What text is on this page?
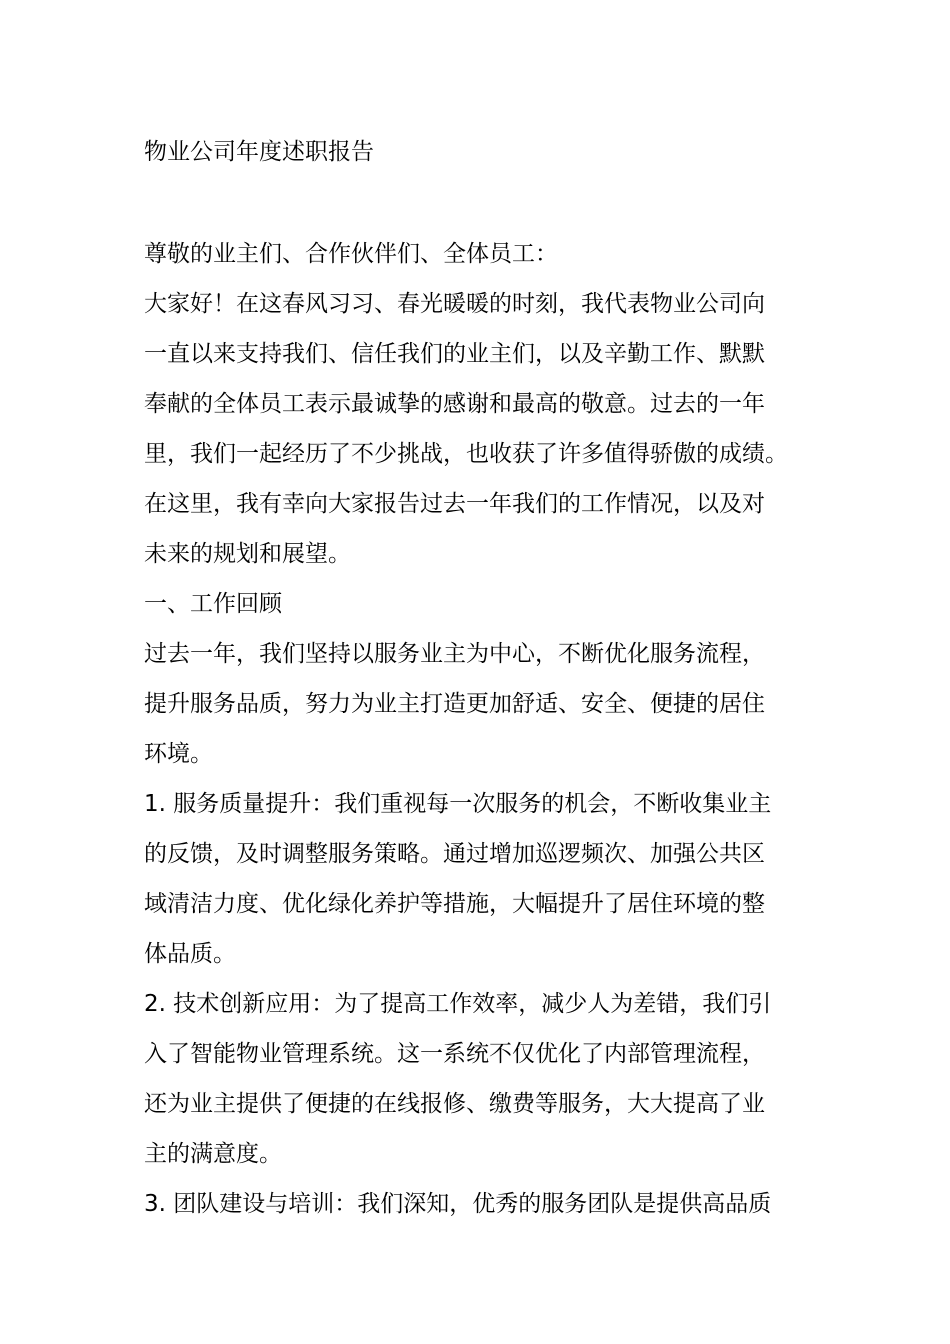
物业公司年度述职报告

尊敬的业主们、合作伙伴们、全体员工：

大家好！在这春风习习、春光暖暖的时刻，我代表物业公司向

一直以来支持我们、信任我们的业主们，以及辛勤工作、默默

奉献的全体员工表示最诚挚的感谢和最高的敬意。过去的一年

里，我们一起经历了不少挑战，也收获了许多值得骄傲的成绩。

在这里，我有幸向大家报告过去一年我们的工作情况，以及对

未来的规划和展望。

一、工作回顾

过去一年，我们坚持以服务业主为中心，不断优化服务流程，

提升服务品质，努力为业主打造更加舒适、安全、便捷的居住

环境。

1. 服务质量提升：我们重视每一次服务的机会，不断收集业主

的反馈，及时调整服务策略。通过增加巡逻频次、加强公共区

域清洁力度、优化绿化养护等措施，大幅提升了居住环境的整

体品质。

2. 技术创新应用：为了提高工作效率，减少人为差错，我们引

入了智能物业管理系统。这一系统不仅优化了内部管理流程，

还为业主提供了便捷的在线报修、缴费等服务，大大提高了业

主的满意度。

3. 团队建设与培训：我们深知，优秀的服务团队是提供高品质
